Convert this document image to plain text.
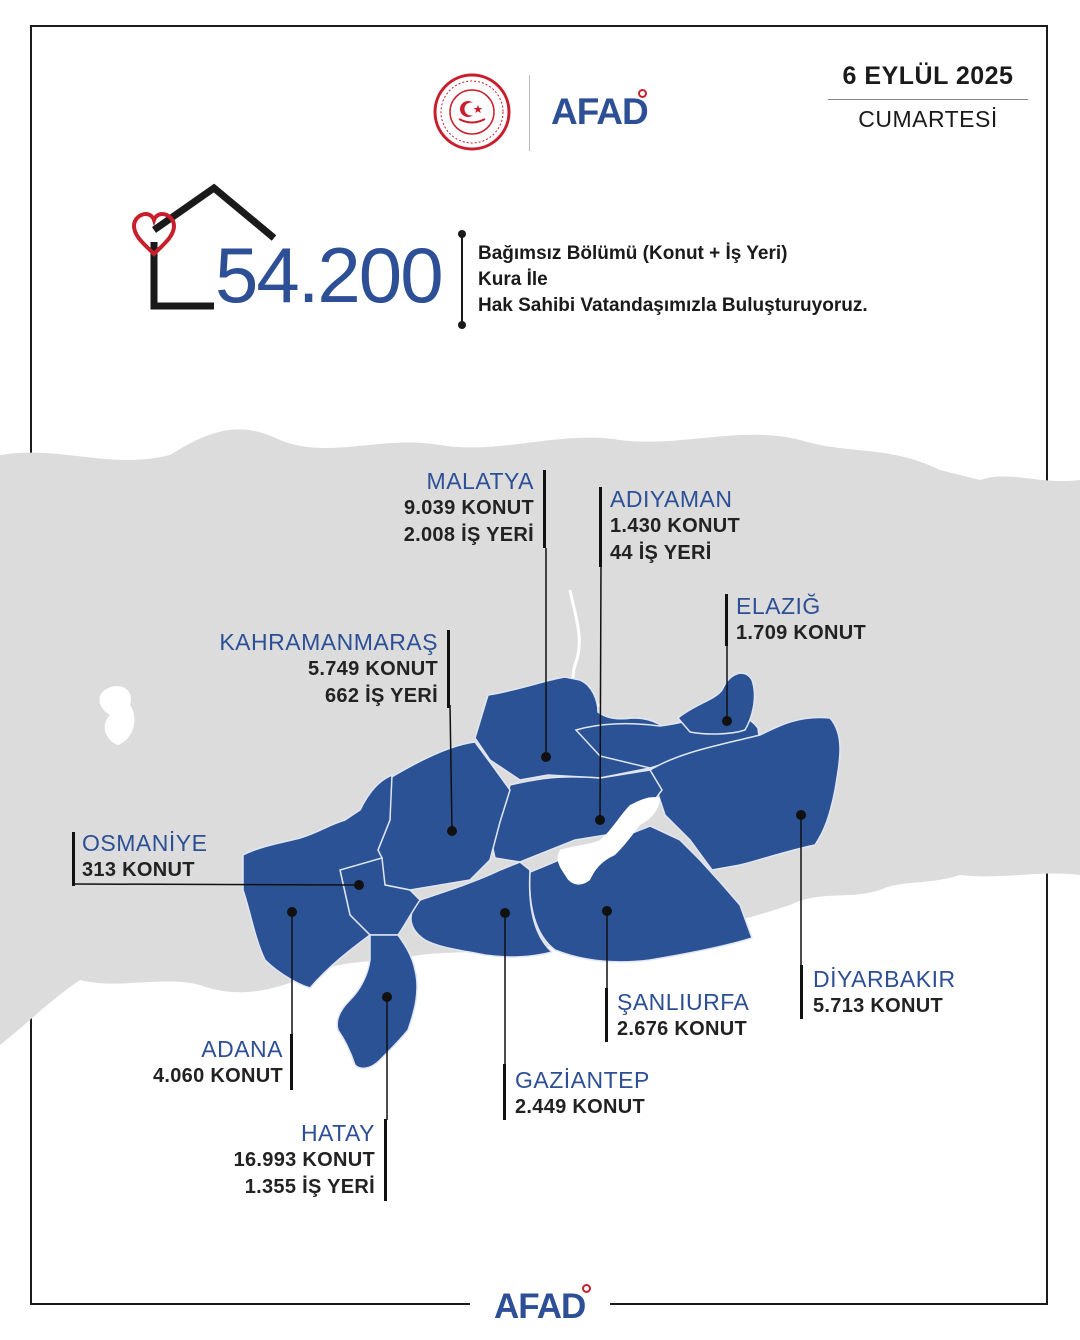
AFAD
6 EYLÜL 2025
CUMARTESİ
54.200 Bağımsız Bölümü (Konut + İş Yeri)
Kura İle
Hak Sahibi Vatandaşımızla Buluşturuyoruz.
MALATYA
9.039 KONUT
2.008 İŞ YERİ
ADIYAMAN
1.430 KONUT
44 İŞ YERİ
ELAZIĞ
1.709 KONUT
KAHRAMANMARAŞ
5.749 KONUT
662 İŞ YERİ
OSMANİYE
313 KONUT
DİYARBAKIR
5.713 KONUT
ŞANLIURFA
2.676 KONUT
ADANA
4.060 KONUT	GAZİANTEP
2.449 KONUT
HATAY
16.993 KONUT
1.355 İŞ YERİ
AFAD
